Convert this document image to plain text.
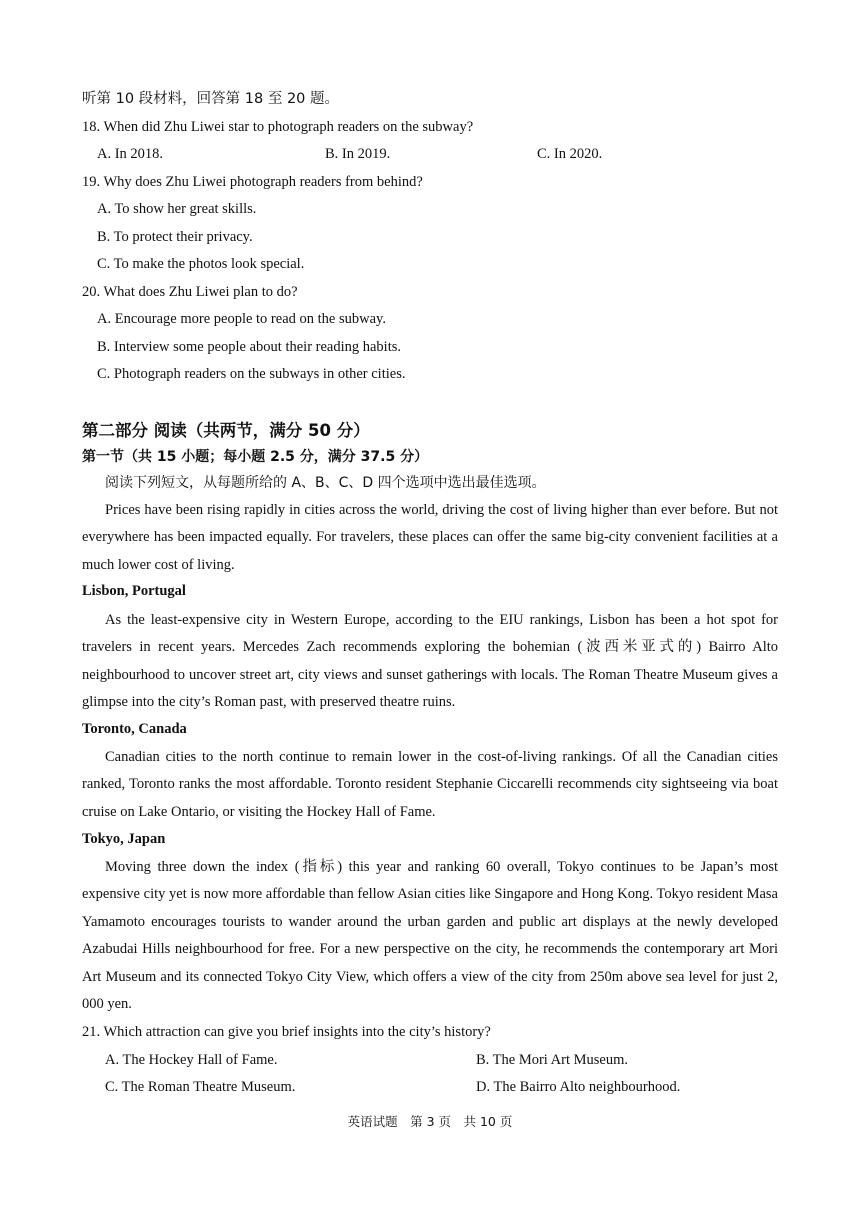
听第 10 段材料，回答第 18 至 20 题。
18. When did Zhu Liwei star to photograph readers on the subway?
A. In 2018.	B. In 2019.	C. In 2020.
19. Why does Zhu Liwei photograph readers from behind?
A. To show her great skills.
B. To protect their privacy.
C. To make the photos look special.
20. What does Zhu Liwei plan to do?
A. Encourage more people to read on the subway.
B. Interview some people about their reading habits.
C. Photograph readers on the subways in other cities.
第二部分 阅读（共两节，满分 50 分）
第一节（共 15 小题；每小题 2.5 分，满分 37.5 分）
阅读下列短文，从每题所给的 A、B、C、D 四个选项中选出最佳选项。
Prices have been rising rapidly in cities across the world, driving the cost of living higher than ever before. But not everywhere has been impacted equally. For travelers, these places can offer the same big-city convenient facilities at a much lower cost of living.
Lisbon, Portugal
As the least-expensive city in Western Europe, according to the EIU rankings, Lisbon has been a hot spot for travelers in recent years. Mercedes Zach recommends exploring the bohemian (波西米亚式的) Bairro Alto neighbourhood to uncover street art, city views and sunset gatherings with locals. The Roman Theatre Museum gives a glimpse into the city’s Roman past, with preserved theatre ruins.
Toronto, Canada
Canadian cities to the north continue to remain lower in the cost-of-living rankings. Of all the Canadian cities ranked, Toronto ranks the most affordable. Toronto resident Stephanie Ciccarelli recommends city sightseeing via boat cruise on Lake Ontario, or visiting the Hockey Hall of Fame.
Tokyo, Japan
Moving three down the index (指标) this year and ranking 60 overall, Tokyo continues to be Japan’s most expensive city yet is now more affordable than fellow Asian cities like Singapore and Hong Kong. Tokyo resident Masa Yamamoto encourages tourists to wander around the urban garden and public art displays at the newly developed Azabudai Hills neighbourhood for free. For a new perspective on the city, he recommends the contemporary art Mori Art Museum and its connected Tokyo City View, which offers a view of the city from 250m above sea level for just 2, 000 yen.
21. Which attraction can give you brief insights into the city’s history?
A. The Hockey Hall of Fame.	B. The Mori Art Museum.
C. The Roman Theatre Museum.	D. The Bairro Alto neighbourhood.
英语试题　第 3 页　共 10 页
